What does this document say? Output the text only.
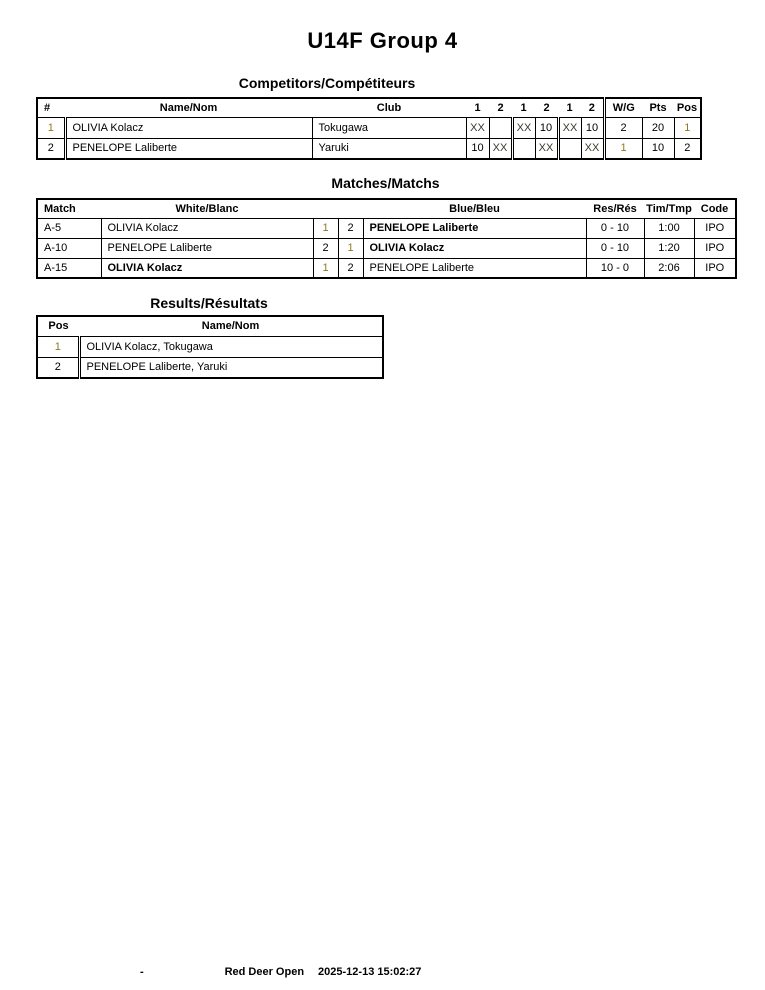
U14F Group 4
Competitors/Compétiteurs
#	Name/Nom	Club	1	2	1	2	1	2	W/G	Pts	Pos
1	OLIVIA Kolacz	Tokugawa	XX		XX	10	XX	10	2	20	1
2	PENELOPE Laliberte	Yaruki	10	XX		XX		XX	1	10	2
Matches/Matchs
Match	White/Blanc			Blue/Bleu	Res/Rés	Tim/Tmp	Code
A-5	OLIVIA Kolacz	1	2	PENELOPE Laliberte	0 - 10	1:00	IPO
A-10	PENELOPE Laliberte	2	1	OLIVIA Kolacz	0 - 10	1:20	IPO
A-15	OLIVIA Kolacz	1	2	PENELOPE Laliberte	10 - 0	2:06	IPO
Results/Résultats
Pos	Name/Nom
1	OLIVIA Kolacz, Tokugawa
2	PENELOPE Laliberte, Yaruki
-	Red Deer Open 2025-12-13 15:02:27
